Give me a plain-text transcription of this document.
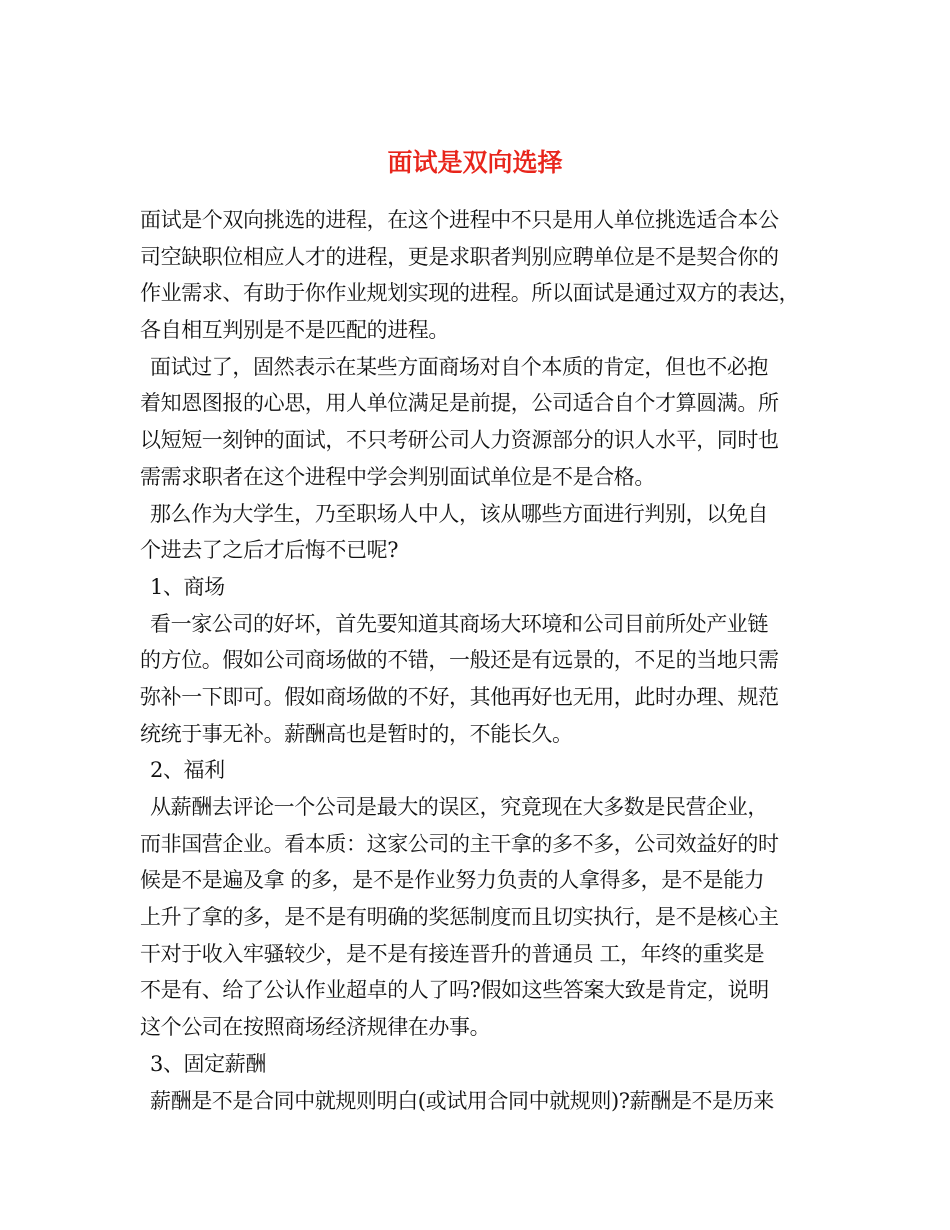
面试是双向选择
面试是个双向挑选的进程，在这个进程中不只是用人单位挑选适合本公
司空缺职位相应人才的进程，更是求职者判别应聘单位是不是契合你的
作业需求、有助于你作业规划实现的进程。所以面试是通过双方的表达，
各自相互判别是不是匹配的进程。
面试过了，固然表示在某些方面商场对自个本质的肯定，但也不必抱
着知恩图报的心思，用人单位满足是前提，公司适合自个才算圆满。所
以短短一刻钟的面试，不只考研公司人力资源部分的识人水平，同时也
需需求职者在这个进程中学会判别面试单位是不是合格。
那么作为大学生，乃至职场人中人，该从哪些方面进行判别，以免自
个进去了之后才后悔不已呢?
1、商场
看一家公司的好坏，首先要知道其商场大环境和公司目前所处产业链
的方位。假如公司商场做的不错，一般还是有远景的，不足的当地只需
弥补一下即可。假如商场做的不好，其他再好也无用，此时办理、规范
统统于事无补。薪酬高也是暂时的，不能长久。
2、福利
从薪酬去评论一个公司是最大的误区，究竟现在大多数是民营企业，
而非国营企业。看本质：这家公司的主干拿的多不多，公司效益好的时
候是不是遍及拿 的多，是不是作业努力负责的人拿得多，是不是能力
上升了拿的多，是不是有明确的奖惩制度而且切实执行，是不是核心主
干对于收入牢骚较少，是不是有接连晋升的普通员 工，年终的重奖是
不是有、给了公认作业超卓的人了吗?假如这些答案大致是肯定，说明
这个公司在按照商场经济规律在办事。
3、固定薪酬
薪酬是不是合同中就规则明白(或试用合同中就规则)?薪酬是不是历来
